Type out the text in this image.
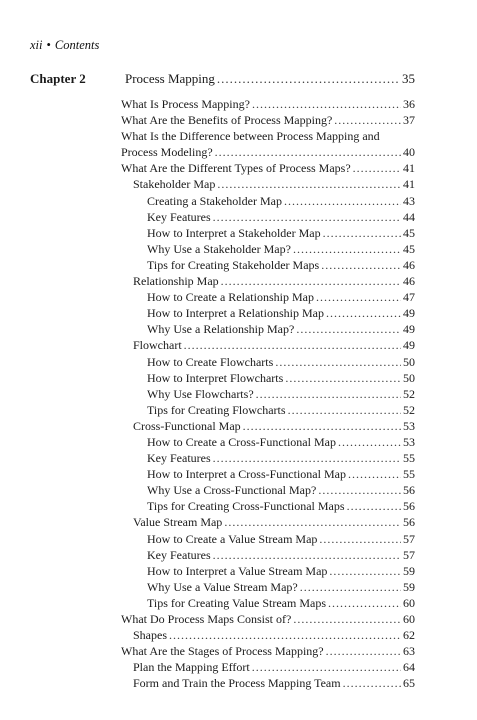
xii • Contents
Chapter 2	Process Mapping .....	35
What Is Process Mapping? .....	36
What Are the Benefits of Process Mapping? .....	37
What Is the Difference between Process Mapping and
Process Modeling? .....	40
What Are the Different Types of Process Maps? .....	41
Stakeholder Map .....	41
Creating a Stakeholder Map .....	43
Key Features .....	44
How to Interpret a Stakeholder Map .....	45
Why Use a Stakeholder Map? .....	45
Tips for Creating Stakeholder Maps .....	46
Relationship Map .....	46
How to Create a Relationship Map .....	47
How to Interpret a Relationship Map .....	49
Why Use a Relationship Map? .....	49
Flowchart .....	49
How to Create Flowcharts .....	50
How to Interpret Flowcharts .....	50
Why Use Flowcharts? .....	52
Tips for Creating Flowcharts .....	52
Cross-Functional Map .....	53
How to Create a Cross-Functional Map .....	53
Key Features .....	55
How to Interpret a Cross-Functional Map .....	55
Why Use a Cross-Functional Map? .....	56
Tips for Creating Cross-Functional Maps .....	56
Value Stream Map .....	56
How to Create a Value Stream Map .....	57
Key Features .....	57
How to Interpret a Value Stream Map .....	59
Why Use a Value Stream Map? .....	59
Tips for Creating Value Stream Maps .....	60
What Do Process Maps Consist of? .....	60
Shapes .....	62
What Are the Stages of Process Mapping? .....	63
Plan the Mapping Effort .....	64
Form and Train the Process Mapping Team .....	65
